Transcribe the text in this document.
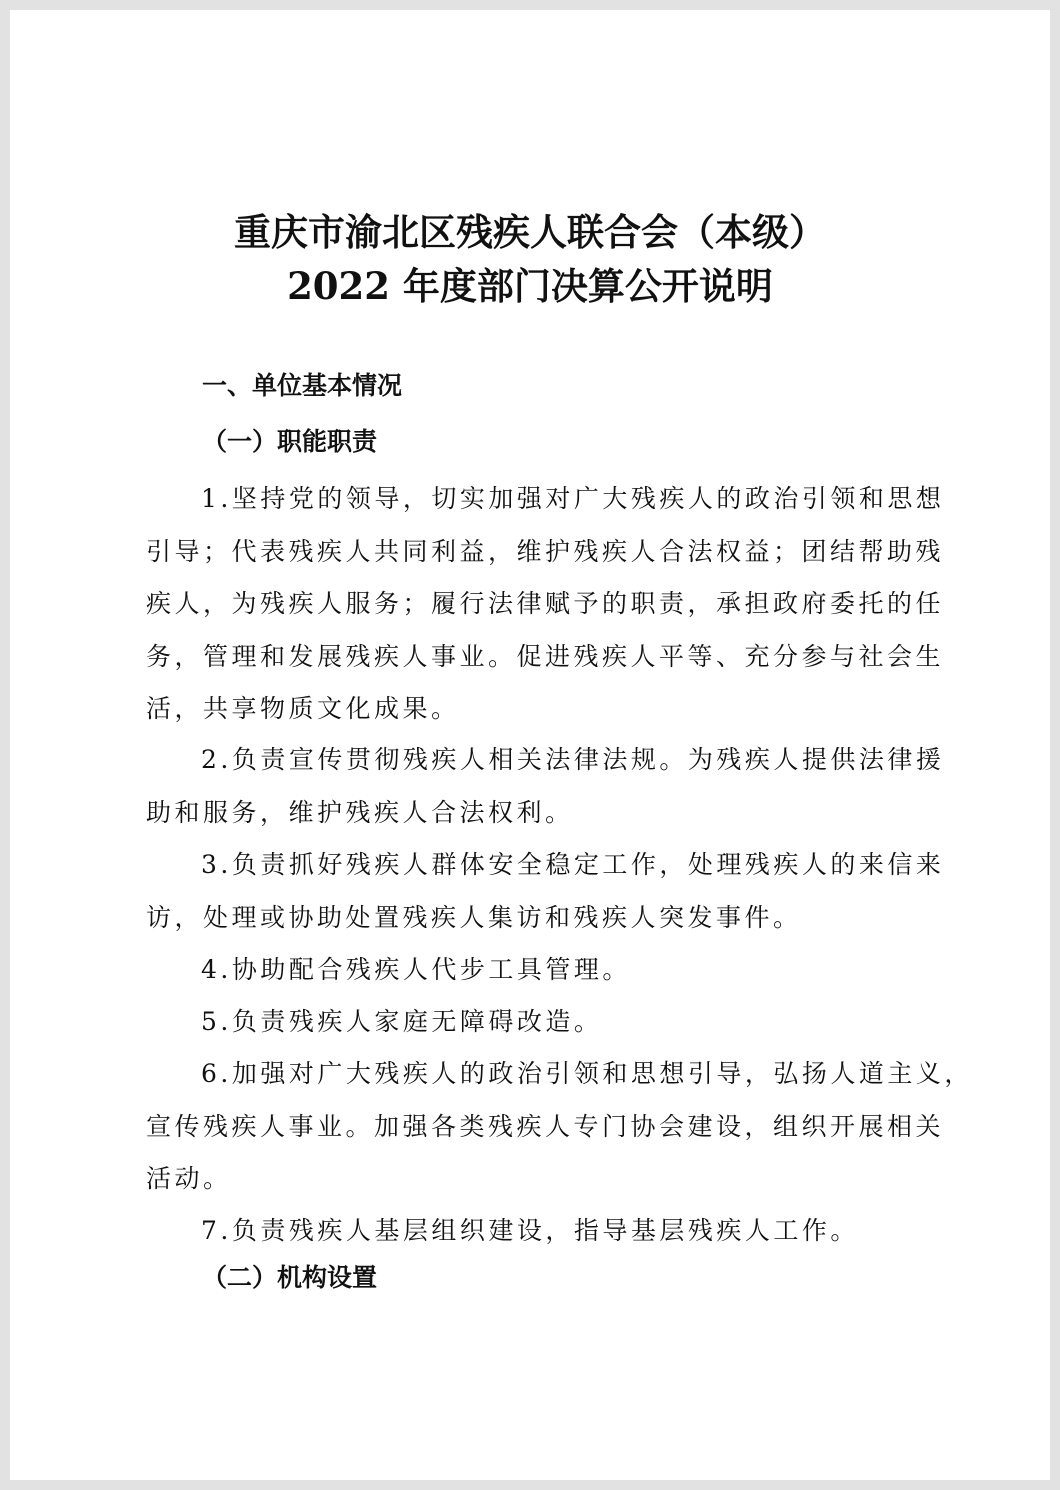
重庆市渝北区残疾人联合会（本级）
2022 年度部门决算公开说明
一、单位基本情况
（一）职能职责
1.坚持党的领导，切实加强对广大残疾人的政治引领和思想
引导；代表残疾人共同利益，维护残疾人合法权益；团结帮助残
疾人，为残疾人服务；履行法律赋予的职责，承担政府委托的任
务，管理和发展残疾人事业。促进残疾人平等、充分参与社会生
活，共享物质文化成果。
2.负责宣传贯彻残疾人相关法律法规。为残疾人提供法律援
助和服务，维护残疾人合法权利。
3.负责抓好残疾人群体安全稳定工作，处理残疾人的来信来
访，处理或协助处置残疾人集访和残疾人突发事件。
4.协助配合残疾人代步工具管理。
5.负责残疾人家庭无障碍改造。
6.加强对广大残疾人的政治引领和思想引导，弘扬人道主义，
宣传残疾人事业。加强各类残疾人专门协会建设，组织开展相关
活动。
7.负责残疾人基层组织建设，指导基层残疾人工作。
（二）机构设置
